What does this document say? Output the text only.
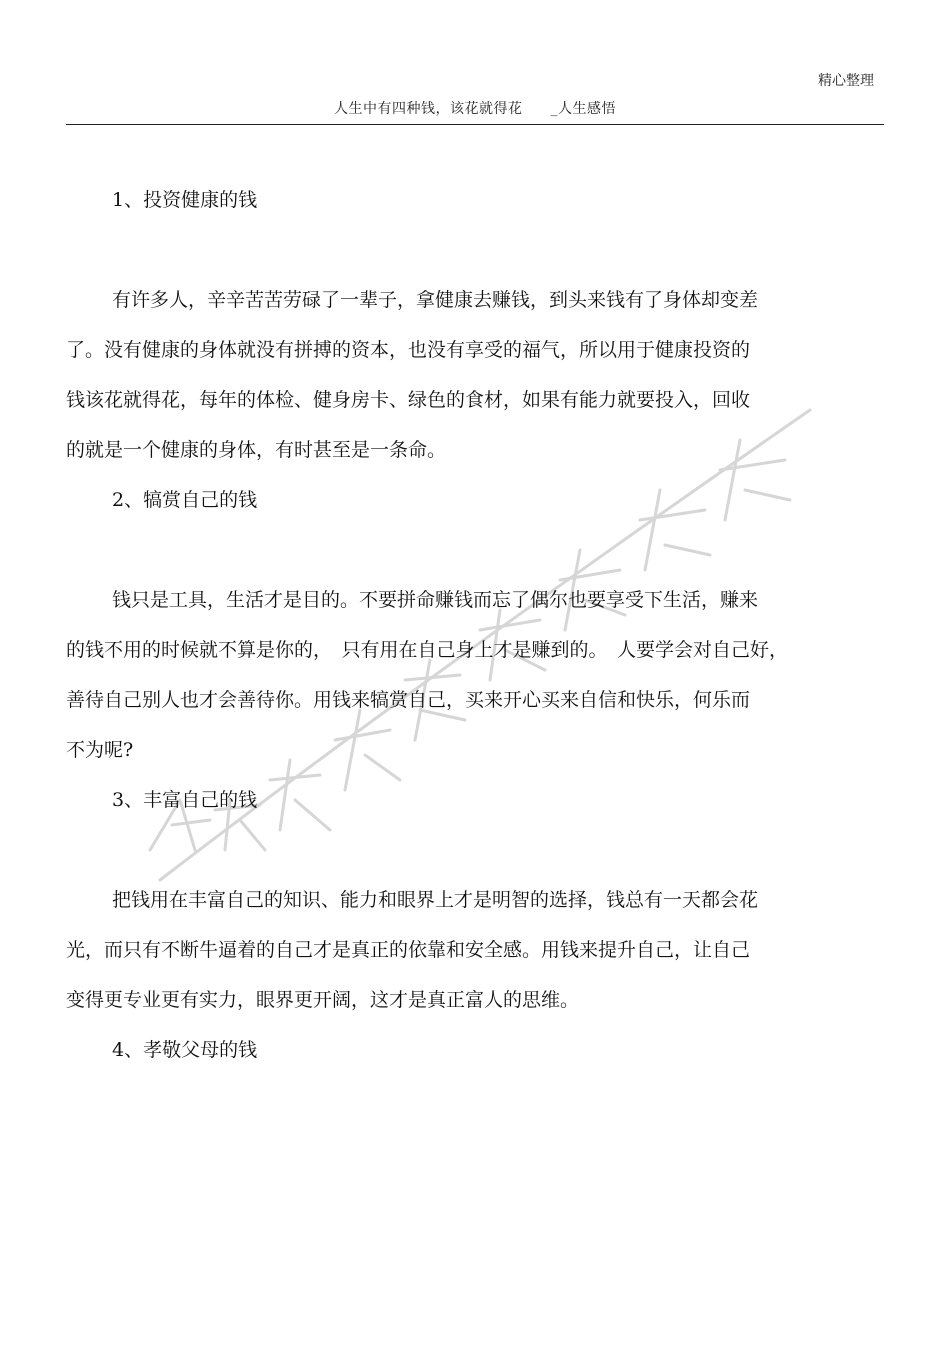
精心整理
人生中有四种钱，该花就得花 _人生感悟
1、投资健康的钱
有许多人，辛辛苦苦劳碌了一辈子，拿健康去赚钱，到头来钱有了身体却变差
了。没有健康的身体就没有拼搏的资本，也没有享受的福气，所以用于健康投资的
钱该花就得花，每年的体检、健身房卡、绿色的食材，如果有能力就要投入，回收
的就是一个健康的身体，有时甚至是一条命。
2、犒赏自己的钱
钱只是工具，生活才是目的。不要拼命赚钱而忘了偶尔也要享受下生活，赚来
的钱不用的时候就不算是你的，　只有用在自己身上才是赚到的。　人要学会对自己好，
善待自己别人也才会善待你。用钱来犒赏自己，买来开心买来自信和快乐，何乐而
不为呢?
3、丰富自己的钱
把钱用在丰富自己的知识、能力和眼界上才是明智的选择，钱总有一天都会花
光，而只有不断牛逼着的自己才是真正的依靠和安全感。用钱来提升自己，让自己
变得更专业更有实力，眼界更开阔，这才是真正富人的思维。
4、孝敬父母的钱
